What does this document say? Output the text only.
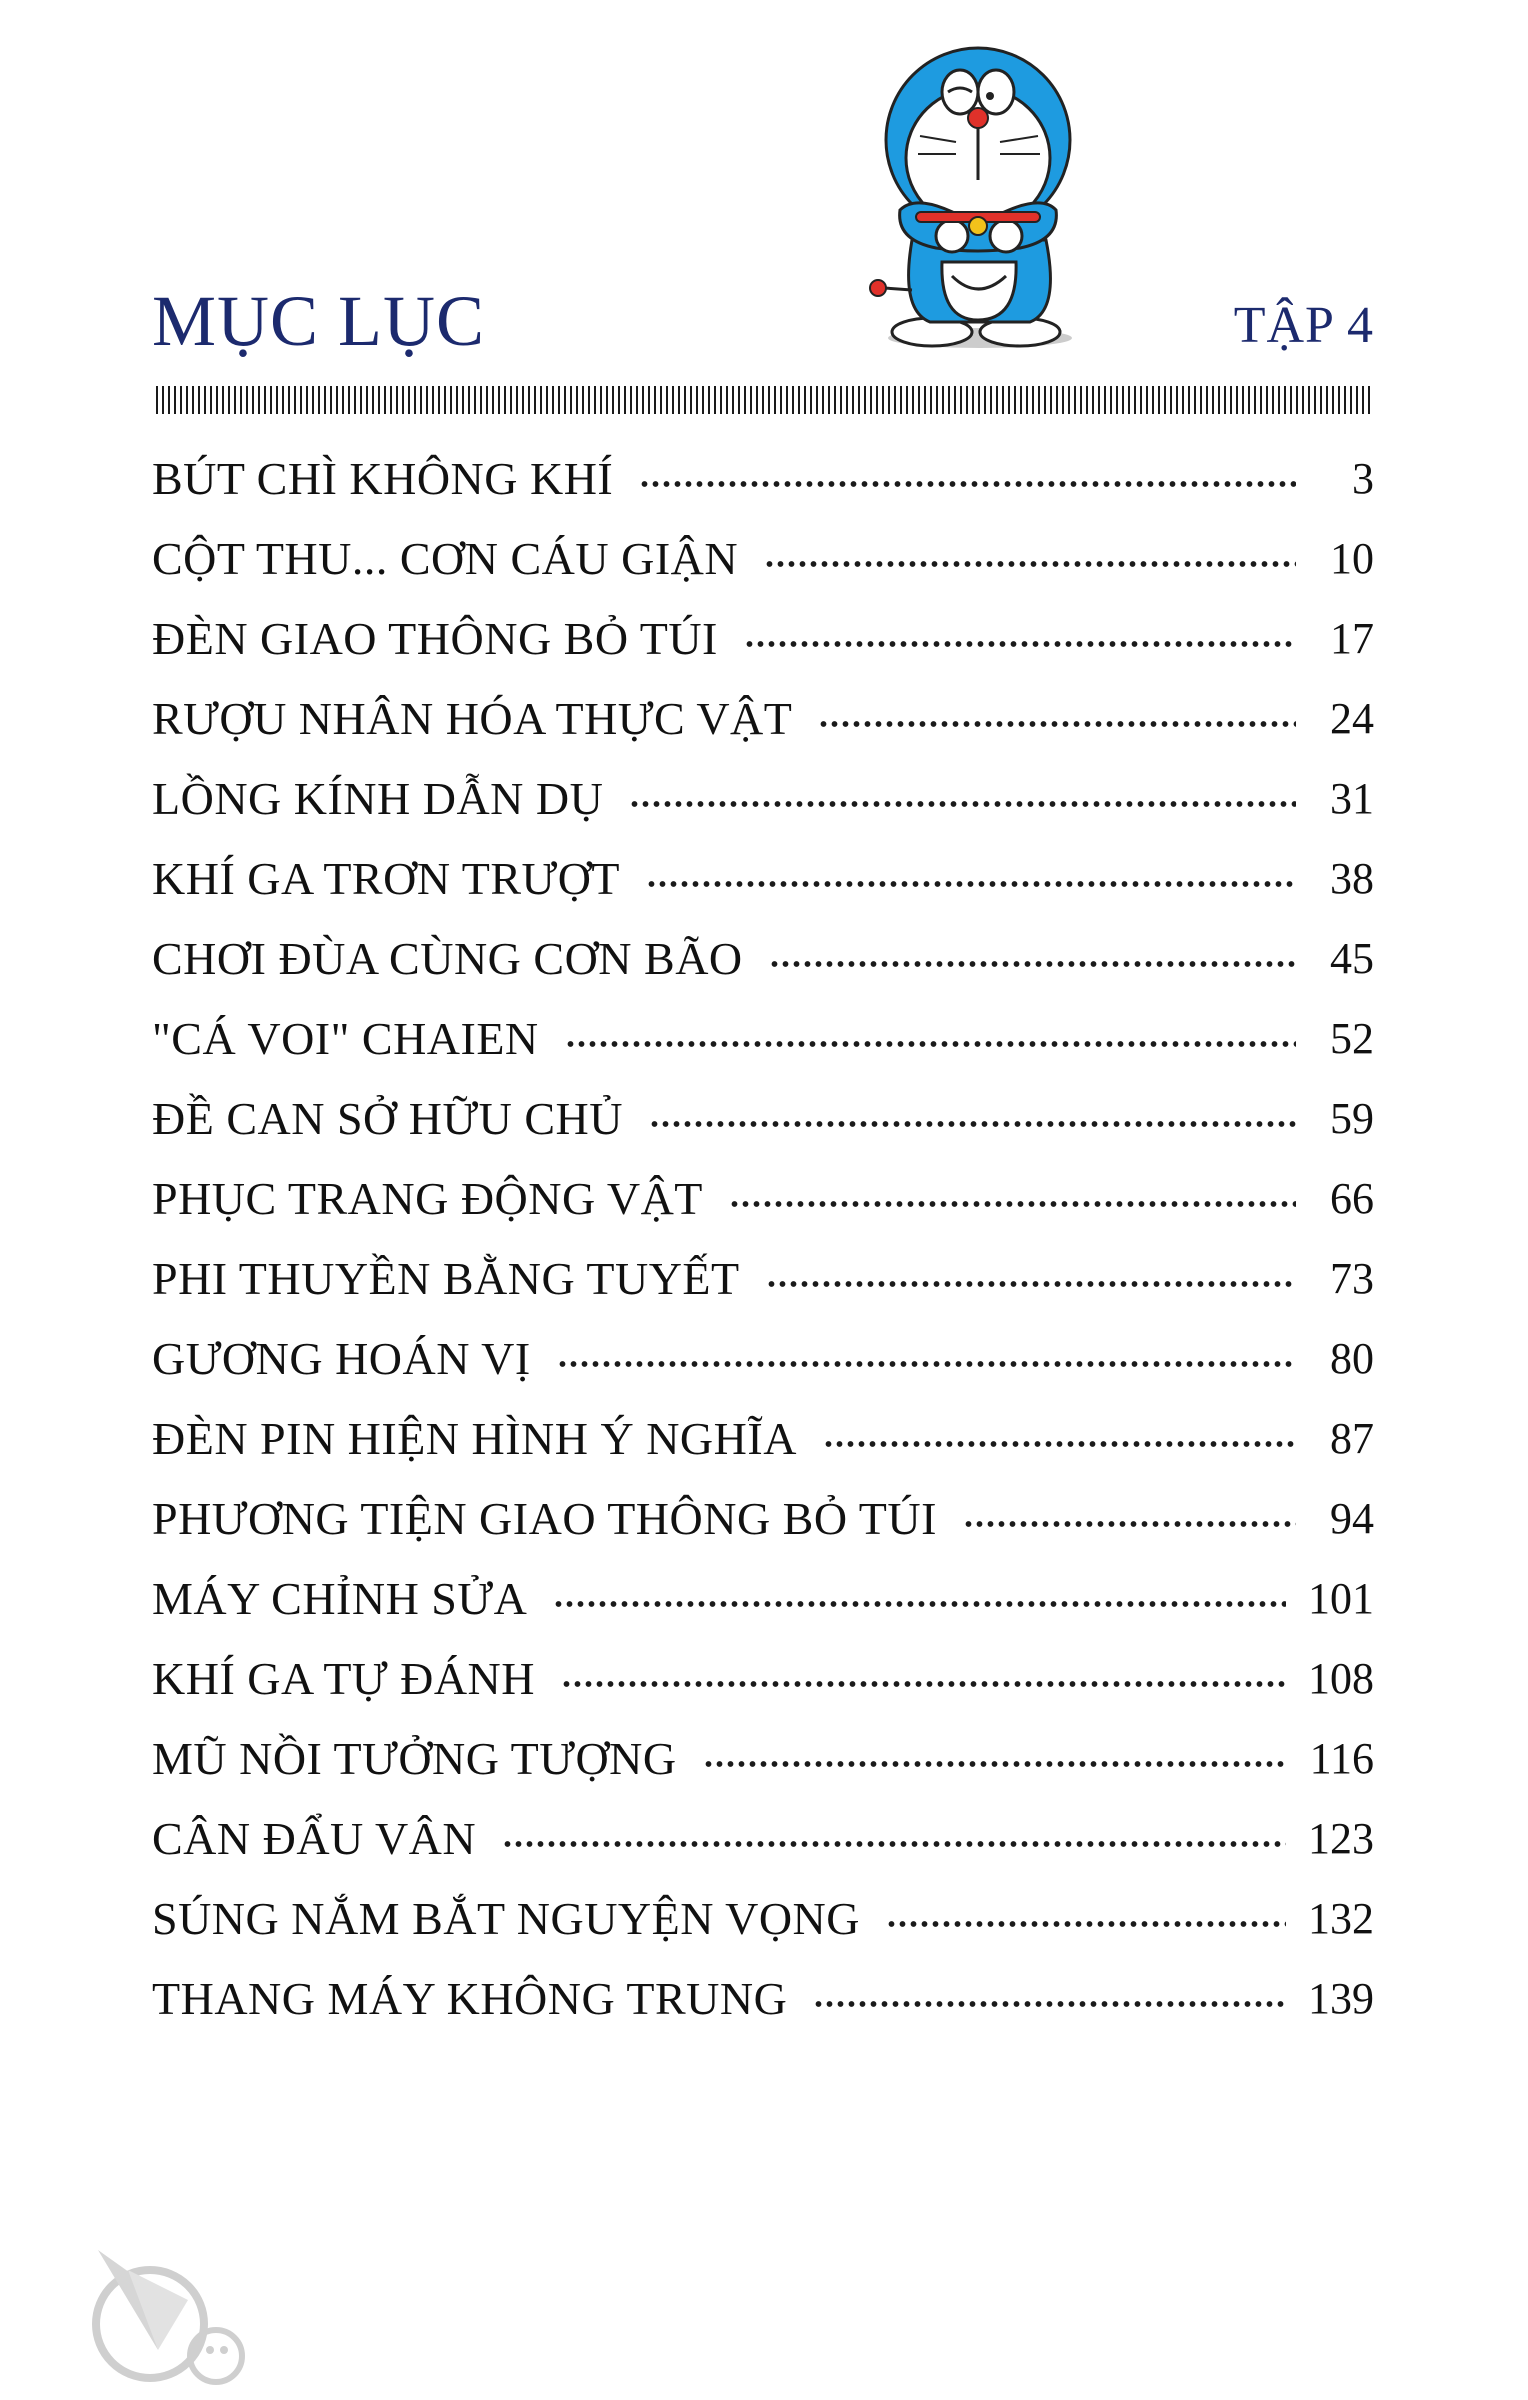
MỤC LỤC	TẬP 4
BÚT CHÌ KHÔNG KHÍ	3
CỘT THU... CƠN CÁU GIẬN	10
ĐÈN GIAO THÔNG BỎ TÚI	17
RƯỢU NHÂN HÓA THỰC VẬT	24
LỒNG KÍNH DẪN DỤ	31
KHÍ GA TRƠN TRƯỢT	38
CHƠI ĐÙA CÙNG CƠN BÃO	45
"CÁ VOI" CHAIEN	52
ĐỀ CAN SỞ HỮU CHỦ	59
PHỤC TRANG ĐỘNG VẬT	66
PHI THUYỀN BẰNG TUYẾT	73
GƯƠNG HOÁN VỊ	80
ĐÈN PIN HIỆN HÌNH Ý NGHĨA	87
PHƯƠNG TIỆN GIAO THÔNG BỎ TÚI	94
MÁY CHỈNH SỬA	101
KHÍ GA TỰ ĐÁNH	108
MŨ NỒI TƯỞNG TƯỢNG	116
CÂN ĐẨU VÂN	123
SÚNG NẮM BẮT NGUYỆN VỌNG	132
THANG MÁY KHÔNG TRUNG	139
